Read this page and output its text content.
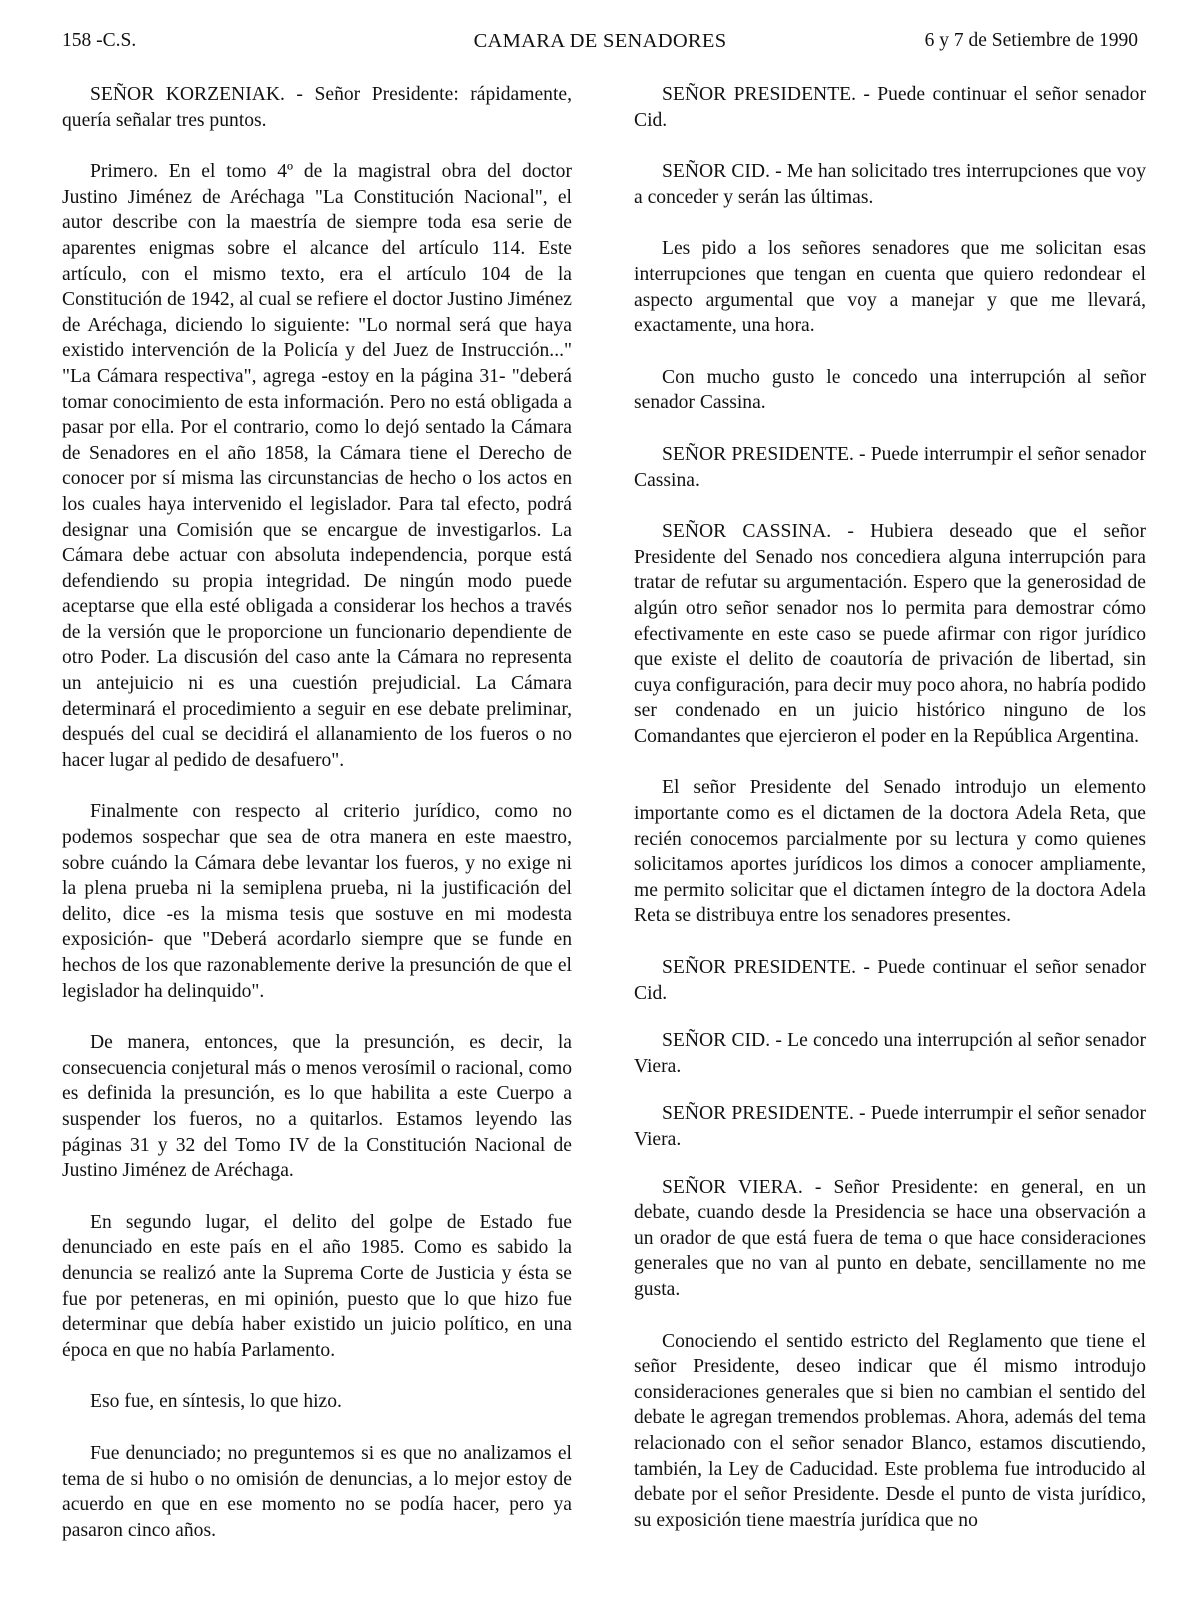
CAMARA DE SENADORES
158 -C.S.	6 y 7 de Setiembre de 1990

SEÑOR KORZENIAK. - Señor Presidente: rápidamente, quería señalar tres puntos.

Primero. En el tomo 4º de la magistral obra del doctor Justino Jiménez de Aréchaga "La Constitución Nacional", el autor describe con la maestría de siempre toda esa serie de aparentes enigmas sobre el alcance del artículo 114. Este artículo, con el mismo texto, era el artículo 104 de la Constitución de 1942, al cual se refiere el doctor Justino Jiménez de Aréchaga, diciendo lo siguiente: "Lo normal será que haya existido intervención de la Policía y del Juez de Instrucción..." "La Cámara respectiva", agrega -estoy en la página 31- "deberá tomar conocimiento de esta información. Pero no está obligada a pasar por ella. Por el contrario, como lo dejó sentado la Cámara de Senadores en el año 1858, la Cámara tiene el Derecho de conocer por sí misma las circunstancias de hecho o los actos en los cuales haya intervenido el legislador. Para tal efecto, podrá designar una Comisión que se encargue de investigarlos. La Cámara debe actuar con absoluta independencia, porque está defendiendo su propia integridad. De ningún modo puede aceptarse que ella esté obligada a considerar los hechos a través de la versión que le proporcione un funcionario dependiente de otro Poder. La discusión del caso ante la Cámara no representa un antejuicio ni es una cuestión prejudicial. La Cámara determinará el procedimiento a seguir en ese debate preliminar, después del cual se decidirá el allanamiento de los fueros o no hacer lugar al pedido de desafuero".

Finalmente con respecto al criterio jurídico, como no podemos sospechar que sea de otra manera en este maestro, sobre cuándo la Cámara debe levantar los fueros, y no exige ni la plena prueba ni la semiplena prueba, ni la justificación del delito, dice -es la misma tesis que sostuve en mi modesta exposición- que "Deberá acordarlo siempre que se funde en hechos de los que razonablemente derive la presunción de que el legislador ha delinquido".

De manera, entonces, que la presunción, es decir, la consecuencia conjetural más o menos verosímil o racional, como es definida la presunción, es lo que habilita a este Cuerpo a suspender los fueros, no a quitarlos. Estamos leyendo las páginas 31 y 32 del Tomo IV de la Constitución Nacional de Justino Jiménez de Aréchaga.

En segundo lugar, el delito del golpe de Estado fue denunciado en este país en el año 1985. Como es sabido la denuncia se realizó ante la Suprema Corte de Justicia y ésta se fue por peteneras, en mi opinión, puesto que lo que hizo fue determinar que debía haber existido un juicio político, en una época en que no había Parlamento.

Eso fue, en síntesis, lo que hizo.

Fue denunciado; no preguntemos si es que no analizamos el tema de si hubo o no omisión de denuncias, a lo mejor estoy de acuerdo en que en ese momento no se podía hacer, pero ya pasaron cinco años.

SEÑOR PRESIDENTE. - Puede continuar el señor senador Cid.

SEÑOR CID. - Me han solicitado tres interrupciones que voy a conceder y serán las últimas.

Les pido a los señores senadores que me solicitan esas interrupciones que tengan en cuenta que quiero redondear el aspecto argumental que voy a manejar y que me llevará, exactamente, una hora.

Con mucho gusto le concedo una interrupción al señor senador Cassina.

SEÑOR PRESIDENTE. - Puede interrumpir el señor senador Cassina.

SEÑOR CASSINA. - Hubiera deseado que el señor Presidente del Senado nos concediera alguna interrupción para tratar de refutar su argumentación. Espero que la generosidad de algún otro señor senador nos lo permita para demostrar cómo efectivamente en este caso se puede afirmar con rigor jurídico que existe el delito de coautoría de privación de libertad, sin cuya configuración, para decir muy poco ahora, no habría podido ser condenado en un juicio histórico ninguno de los Comandantes que ejercieron el poder en la República Argentina.

El señor Presidente del Senado introdujo un elemento importante como es el dictamen de la doctora Adela Reta, que recién conocemos parcialmente por su lectura y como quienes solicitamos aportes jurídicos los dimos a conocer ampliamente, me permito solicitar que el dictamen íntegro de la doctora Adela Reta se distribuya entre los senadores presentes.

SEÑOR PRESIDENTE. - Puede continuar el señor senador Cid.

SEÑOR CID. - Le concedo una interrupción al señor senador Viera.

SEÑOR PRESIDENTE. - Puede interrumpir el señor senador Viera.

SEÑOR VIERA. - Señor Presidente: en general, en un debate, cuando desde la Presidencia se hace una observación a un orador de que está fuera de tema o que hace consideraciones generales que no van al punto en debate, sencillamente no me gusta.

Conociendo el sentido estricto del Reglamento que tiene el señor Presidente, deseo indicar que él mismo introdujo consideraciones generales que si bien no cambian el sentido del debate le agregan tremendos problemas. Ahora, además del tema relacionado con el señor senador Blanco, estamos discutiendo, también, la Ley de Caducidad. Este problema fue introducido al debate por el señor Presidente. Desde el punto de vista jurídico, su exposición tiene maestría jurídica que no
